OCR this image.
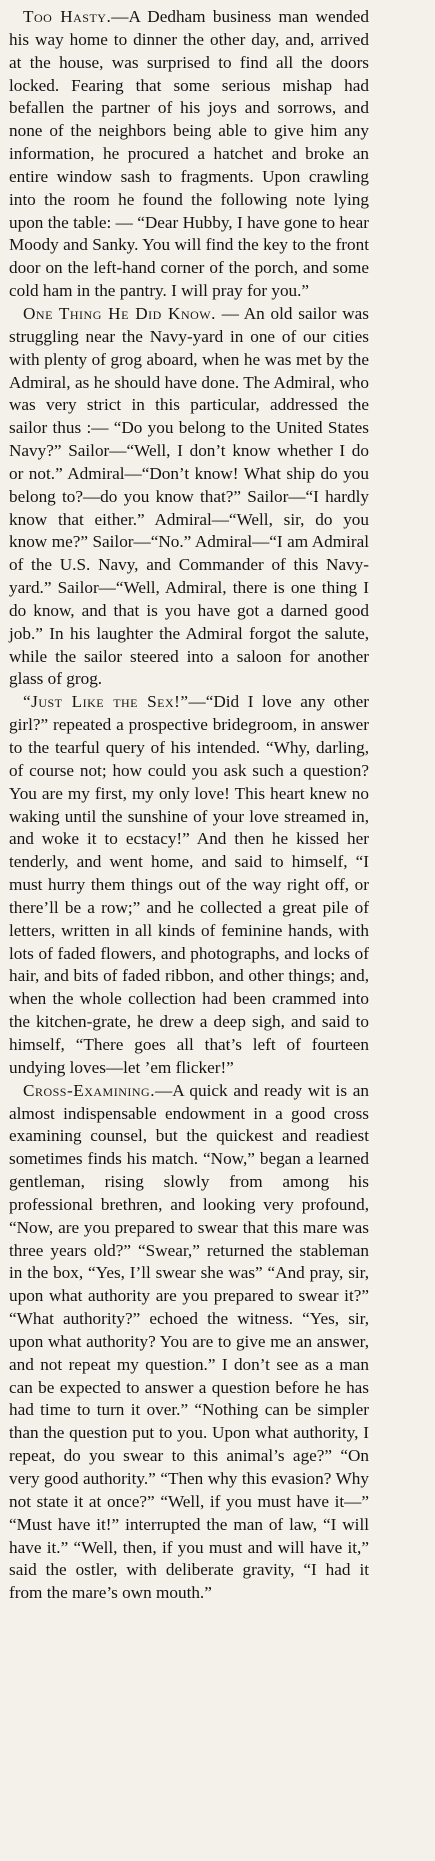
Too Hasty.—A Dedham business man wended his way home to dinner the other day, and, arrived at the house, was surprised to find all the doors locked. Fearing that some serious mishap had befallen the partner of his joys and sorrows, and none of the neighbors being able to give him any information, he procured a hatchet and broke an entire window sash to fragments. Upon crawling into the room he found the following note lying upon the table: — “Dear Hubby, I have gone to hear Moody and Sanky. You will find the key to the front door on the left-hand corner of the porch, and some cold ham in the pantry. I will pray for you.”

One Thing He Did Know. — An old sailor was struggling near the Navy-yard in one of our cities with plenty of grog aboard, when he was met by the Admiral, as he should have done. The Admiral, who was very strict in this particular, addressed the sailor thus :— “Do you belong to the United States Navy?” Sailor—“Well, I don’t know whether I do or not.” Admiral—“Don’t know! What ship do you belong to?—do you know that?” Sailor—“I hardly know that either.” Admiral—“Well, sir, do you know me?” Sailor—“No.” Admiral—“I am Admiral of the U.S. Navy, and Commander of this Navy-yard.” Sailor—“Well, Admiral, there is one thing I do know, and that is you have got a darned good job.” In his laughter the Admiral forgot the salute, while the sailor steered into a saloon for another glass of grog.

“Just Like the Sex!”—“Did I love any other girl?” repeated a prospective bridegroom, in answer to the tearful query of his intended. “Why, darling, of course not; how could you ask such a question? You are my first, my only love! This heart knew no waking until the sunshine of your love streamed in, and woke it to ecstacy!” And then he kissed her tenderly, and went home, and said to himself, “I must hurry them things out of the way right off, or there’ll be a row;” and he collected a great pile of letters, written in all kinds of feminine hands, with lots of faded flowers, and photographs, and locks of hair, and bits of faded ribbon, and other things; and, when the whole collection had been crammed into the kitchen-grate, he drew a deep sigh, and said to himself, “There goes all that’s left of fourteen undying loves—let ’em flicker!”

Cross-Examining.—A quick and ready wit is an almost indispensable endowment in a good cross examining counsel, but the quickest and readiest sometimes finds his match. “Now,” began a learned gentleman, rising slowly from among his professional brethren, and looking very profound, “Now, are you prepared to swear that this mare was three years old?” “Swear,” returned the stableman in the box, “Yes, I’ll swear she was” “And pray, sir, upon what authority are you prepared to swear it?” “What authority?” echoed the witness. “Yes, sir, upon what authority? You are to give me an answer, and not repeat my question.” I don’t see as a man can be expected to answer a question before he has had time to turn it over.” “Nothing can be simpler than the question put to you. Upon what authority, I repeat, do you swear to this animal’s age?” “On very good authority.” “Then why this evasion? Why not state it at once?” “Well, if you must have it—” “Must have it!” interrupted the man of law, “I will have it.” “Well, then, if you must and will have it,” said the ostler, with deliberate gravity, “I had it from the mare’s own mouth.”
